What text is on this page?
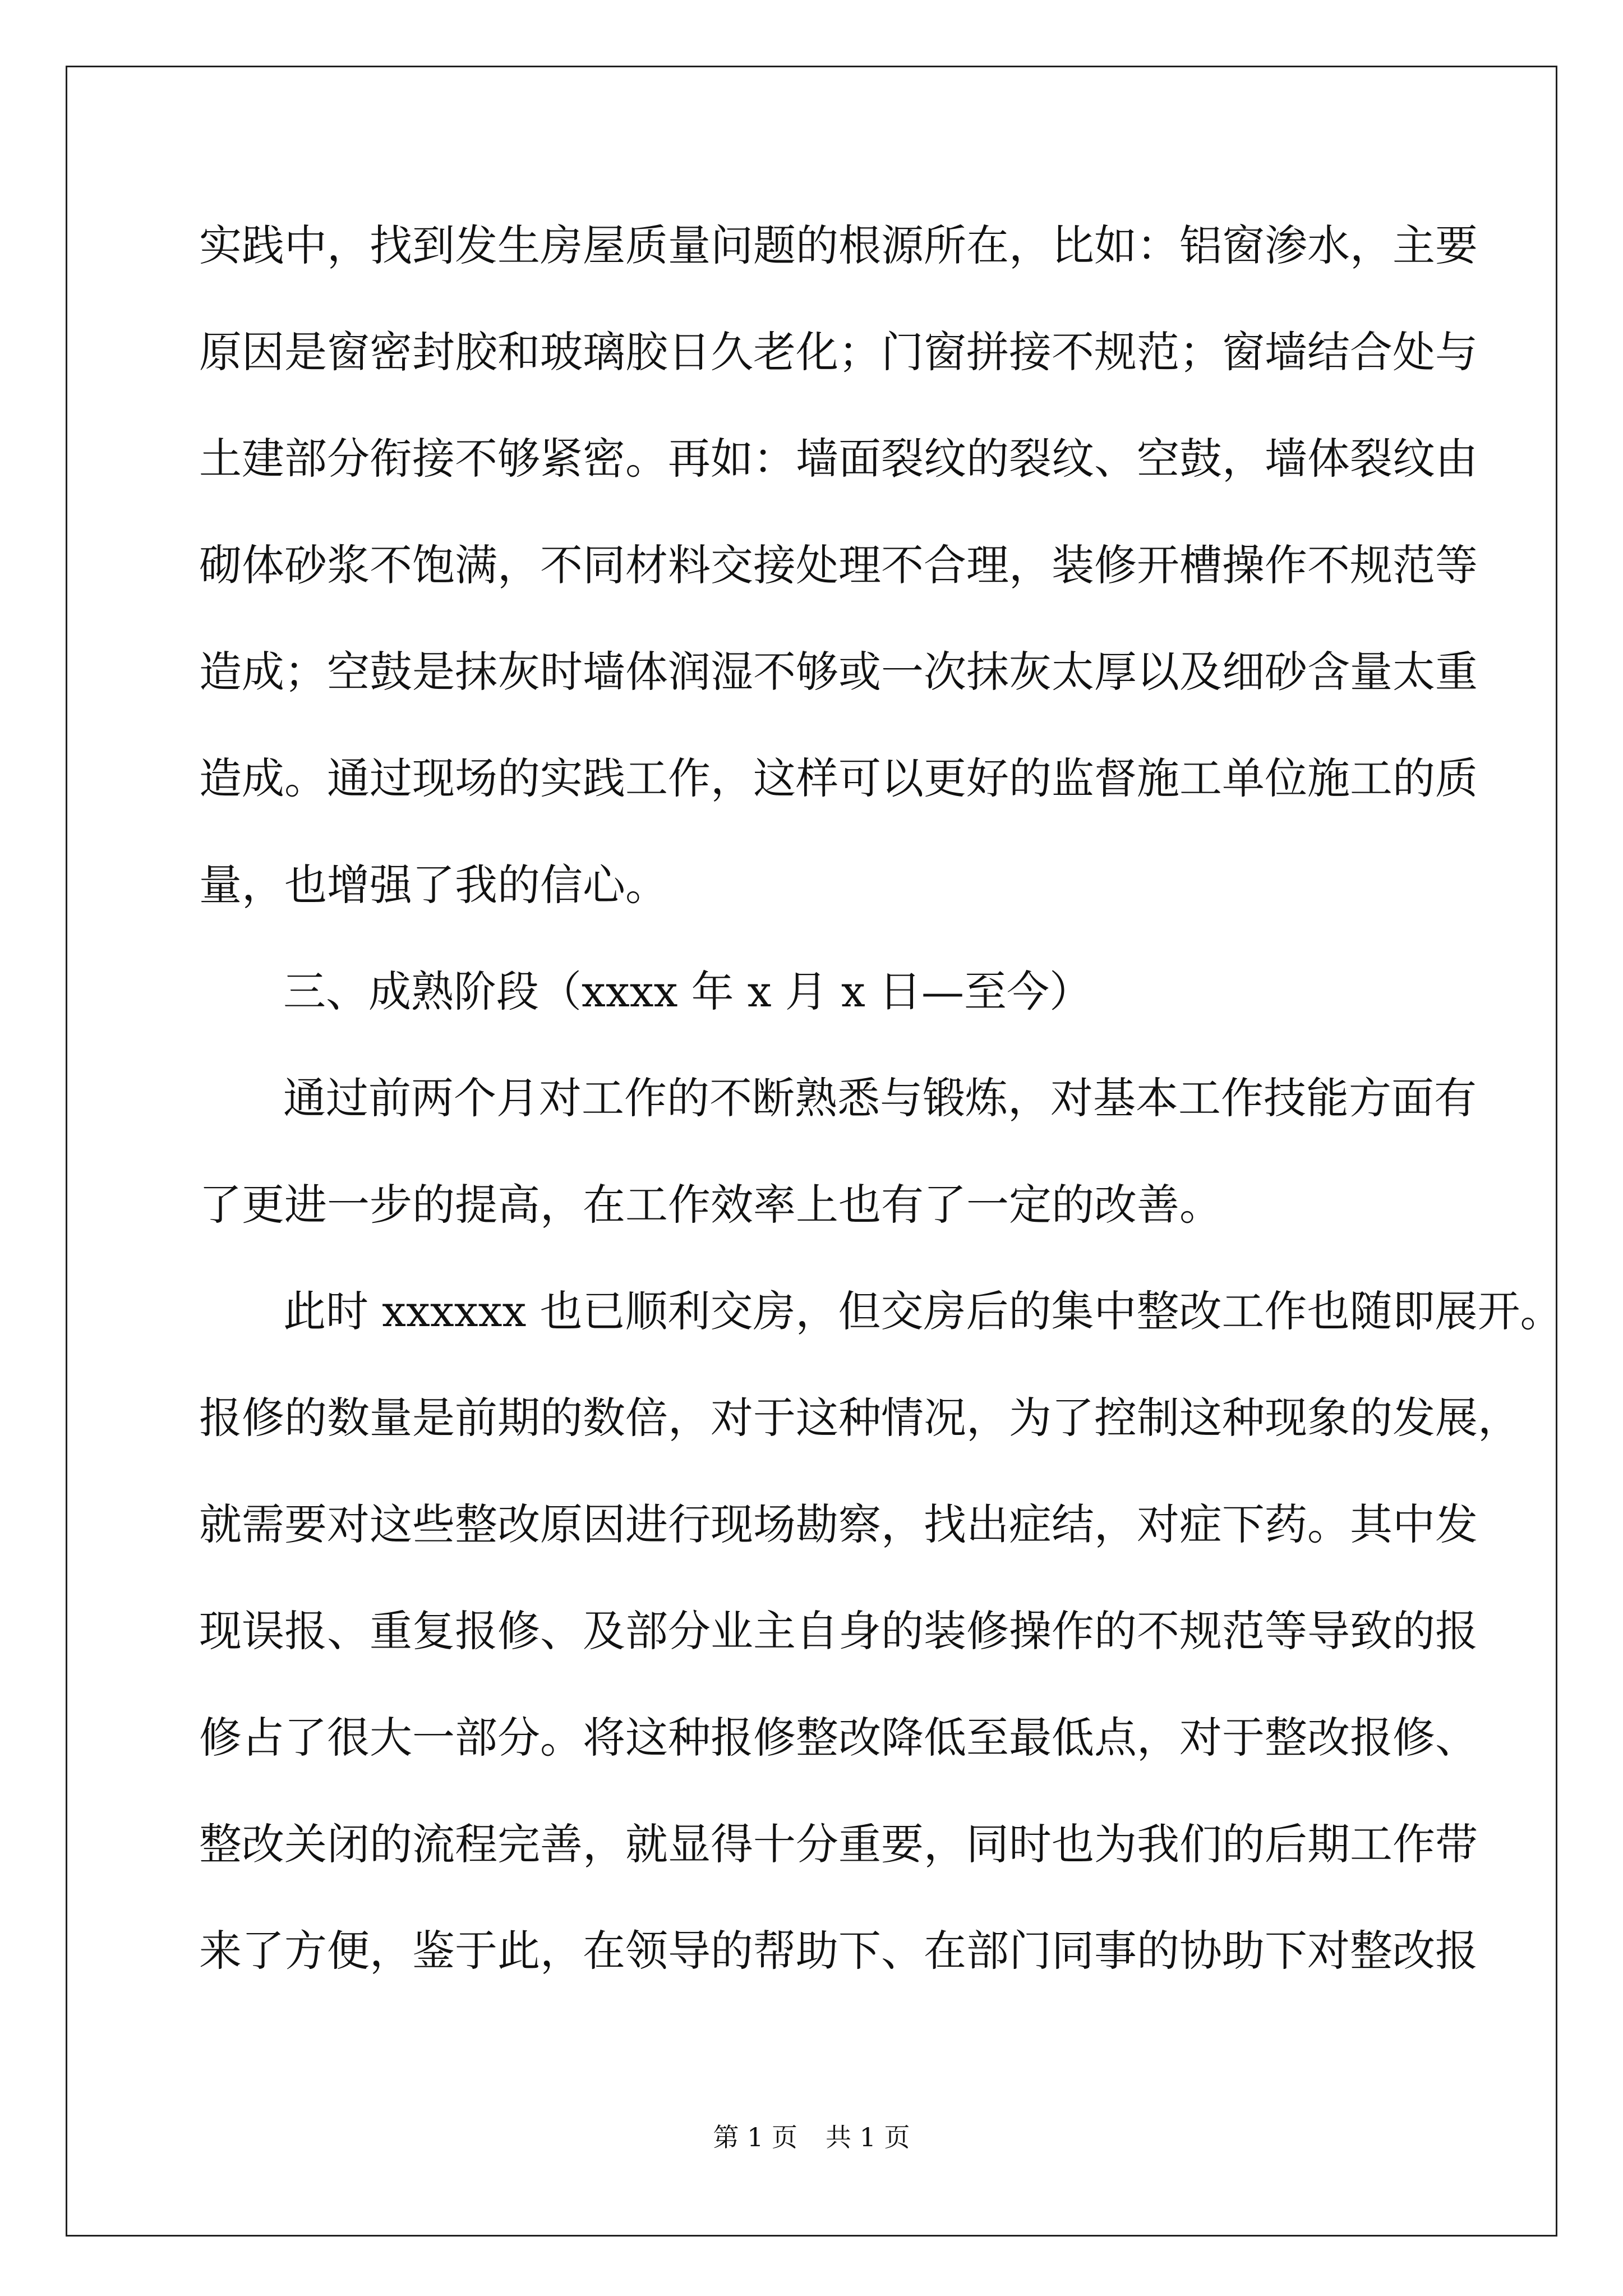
实践中，找到发生房屋质量问题的根源所在，比如：铝窗渗水，主要
原因是窗密封胶和玻璃胶日久老化；门窗拼接不规范；窗墙结合处与
土建部分衔接不够紧密。再如：墙面裂纹的裂纹、空鼓，墙体裂纹由
砌体砂浆不饱满，不同材料交接处理不合理，装修开槽操作不规范等
造成；空鼓是抹灰时墙体润湿不够或一次抹灰太厚以及细砂含量太重
造成。通过现场的实践工作，这样可以更好的监督施工单位施工的质
量，也增强了我的信心。
三、成熟阶段（xxxx 年 x 月 x 日—至今）
通过前两个月对工作的不断熟悉与锻炼，对基本工作技能方面有
了更进一步的提高，在工作效率上也有了一定的改善。
此时 xxxxxx 也已顺利交房，但交房后的集中整改工作也随即展开。
报修的数量是前期的数倍，对于这种情况，为了控制这种现象的发展，
就需要对这些整改原因进行现场勘察，找出症结，对症下药。其中发
现误报、重复报修、及部分业主自身的装修操作的不规范等导致的报
修占了很大一部分。将这种报修整改降低至最低点，对于整改报修、
整改关闭的流程完善，就显得十分重要，同时也为我们的后期工作带
来了方便，鉴于此，在领导的帮助下、在部门同事的协助下对整改报
第 1 页 共 1 页
